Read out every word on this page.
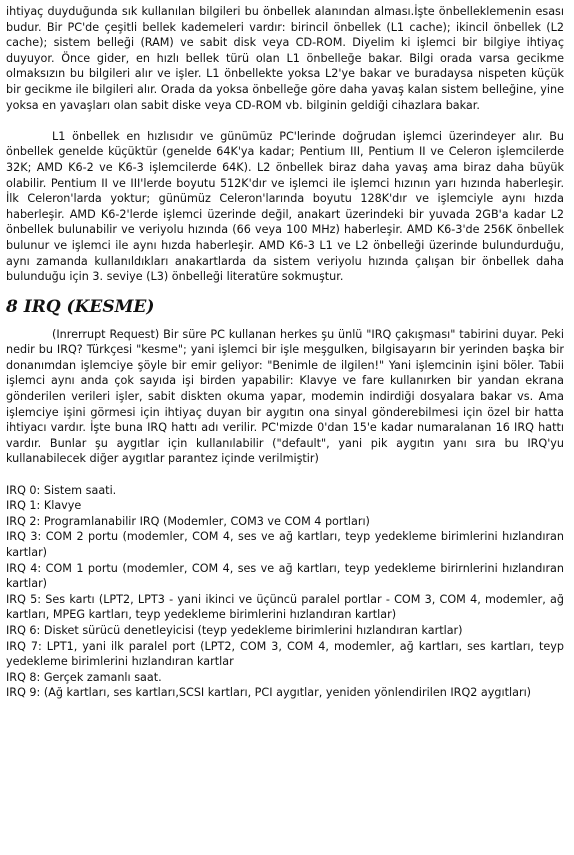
ihtiyaç duyduğunda sık kullanılan bilgileri bu önbellek alanından alması.İşte önbelleklemenin esası budur. Bir PC'de çeşitli bellek kademeleri vardır: birincil önbellek (L1 cache); ikincil önbellek (L2 cache); sistem belleği (RAM) ve sabit disk veya CD-ROM. Diyelim ki işlemci bir bilgiye ihtiyaç duyuyor. Önce gider, en hızlı bellek türü olan L1 önbelleğe bakar. Bilgi orada varsa gecikme olmaksızın bu bilgileri alır ve işler. L1 önbellekte yoksa L2'ye bakar ve buradaysa nispeten küçük bir gecikme ile bilgileri alır. Orada da yoksa önbelleğe göre daha yavaş kalan sistem belleğine, yine yoksa en yavaşları olan sabit diske veya CD-ROM vb. bilginin geldiği cihazlara bakar.

L1 önbellek en hızlısıdır ve günümüz PC'lerinde doğrudan işlemci üzerindeyer alır. Bu önbellek genelde küçüktür (genelde 64K'ya kadar; Pentium III, Pentium II ve Celeron işlemcilerde 32K; AMD K6-2 ve K6-3 işlemcilerde 64K). L2 önbellek biraz daha yavaş ama biraz daha büyük olabilir. Pentium II ve III'lerde boyutu 512K'dır ve işlemci ile işlemci hızının yarı hızında haberleşir. İlk Celeron'larda yoktur; günümüz Celeron'larında boyutu 128K'dır ve işlemciyle aynı hızda haberleşir. AMD K6-2'lerde işlemci üzerinde değil, anakart üzerindeki bir yuvada 2GB'a kadar L2 önbellek bulunabilir ve veriyolu hızında (66 veya 100 MHz) haberleşir. AMD K6-3'de 256K önbellek bulunur ve işlemci ile aynı hızda haberleşir. AMD K6-3 L1 ve L2 önbelleği üzerinde bulundurduğu, aynı zamanda kullanıldıkları anakartlarda da sistem veriyolu hızında çalışan bir önbellek daha bulunduğu için 3. seviye (L3) önbelleği literatüre sokmuştur.

8 IRQ (KESME)

(Inrerrupt Request) Bir süre PC kullanan herkes şu ünlü "IRQ çakışması" tabirini duyar. Peki nedir bu IRQ? Türkçesi "kesme"; yani işlemci bir işle meşgulken, bilgisayarın bir yerinden başka bir donanımdan işlemciye şöyle bir emir geliyor: "Benimle de ilgilen!" Yani işlemcinin işini böler. Tabii işlemci aynı anda çok sayıda işi birden yapabilir: Klavye ve fare kullanırken bir yandan ekrana gönderilen verileri işler, sabit diskten okuma yapar, modemin indirdiği dosyalara bakar vs. Ama işlemciye işini görmesi için ihtiyaç duyan bir aygıtın ona sinyal gönderebilmesi için özel bir hatta ihtiyacı vardır. İşte buna IRQ hattı adı verilir. PC'mizde 0'dan 15'e kadar numaralanan 16 IRQ hattı vardır. Bunlar şu aygıtlar için kullanılabilir ("default", yani pik aygıtın yanı sıra bu IRQ'yu kullanabilecek diğer aygıtlar parantez içinde verilmiştir)

IRQ 0: Sistem saati.
IRQ 1: Klavye
IRQ 2: Programlanabilir IRQ (Modemler, COM3 ve COM 4 portları)
IRQ 3: COM 2 portu (modemler, COM 4, ses ve ağ kartları, teyp yedekleme birimlerini hızlandıran kartlar)
IRQ 4: COM 1 portu (modemler, COM 4, ses ve ağ kartları, teyp yedekleme birirnlerini hızlandıran kartlar)
IRQ 5: Ses kartı (LPT2, LPT3 - yani ikinci ve üçüncü paralel portlar - COM 3, COM 4, modemler, ağ kartları, MPEG kartları, teyp yedekleme birimlerini hızlandıran kartlar)
IRQ 6: Disket sürücü denetleyicisi (teyp yedekleme birimlerini hızlandıran kartlar)
IRQ 7: LPT1, yani ilk paralel port (LPT2, COM 3, COM 4, modemler, ağ kartları, ses kartları, teyp yedekleme birimlerini hızlandıran kartlar
IRQ 8: Gerçek zamanlı saat.
IRQ 9: (Ağ kartları, ses kartları,SCSI kartları, PCI aygıtlar, yeniden yönlendirilen IRQ2 aygıtları)
